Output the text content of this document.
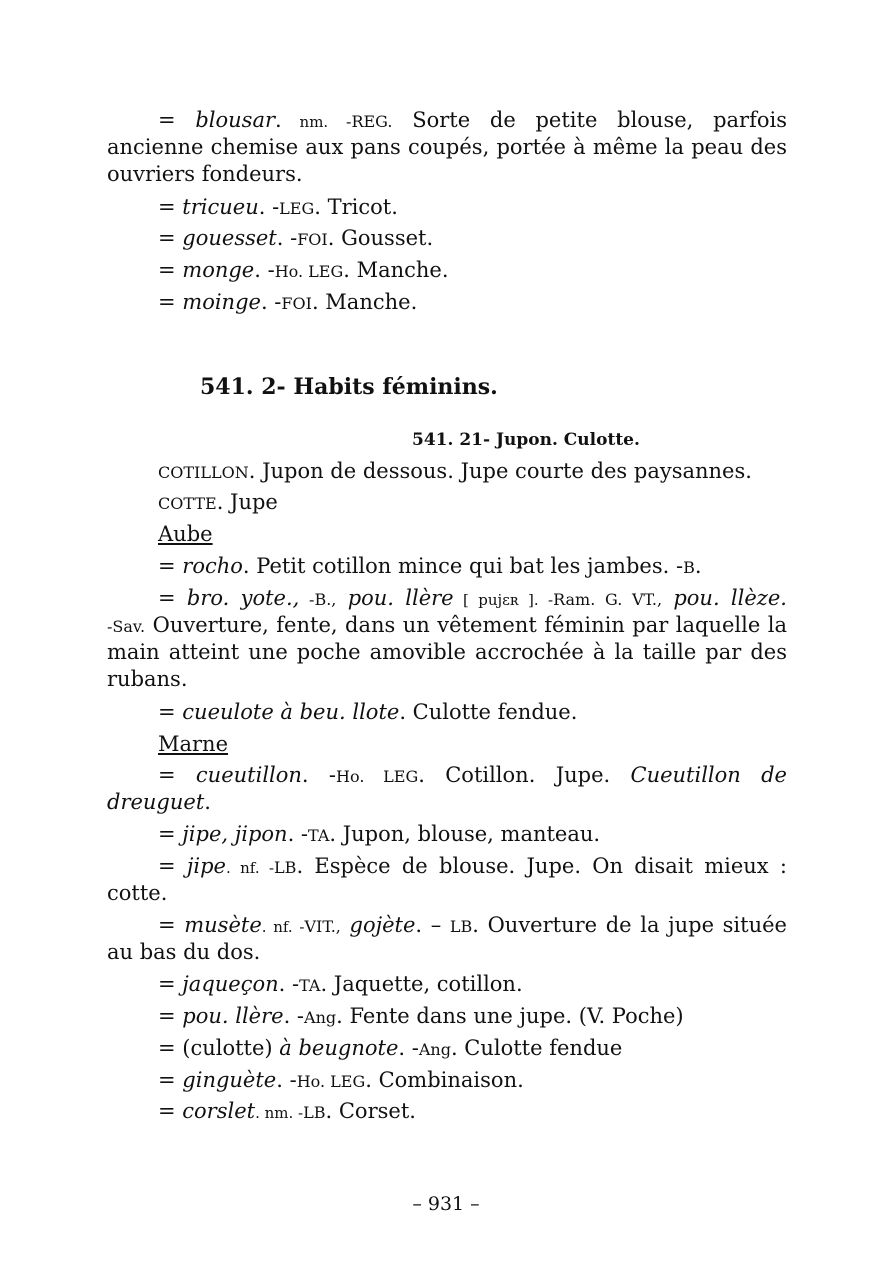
= blousar. nm. -REG. Sorte de petite blouse, parfois
ancienne chemise aux pans coupés, portée à même la peau des
ouvriers fondeurs.
= tricueu. -LEG. Tricot.
= gouesset. -FOI. Gousset.
= monge. -Ho. LEG. Manche.
= moinge. -FOI. Manche.
541. 2- Habits féminins.
541. 21- Jupon. Culotte.
COTILLON. Jupon de dessous. Jupe courte des paysannes.
COTTE. Jupe
Aube
= rocho. Petit cotillon mince qui bat les jambes. -B.
= bro. yote., -B., pou. llère [ pujɛʀ ]. -Ram. G. VT., pou. llèze.
-Sav. Ouverture, fente, dans un vêtement féminin par laquelle la
main atteint une poche amovible accrochée à la taille par des
rubans.
= cueulote à beu. llote. Culotte fendue.
Marne
= cueutillon. -Ho. LEG. Cotillon. Jupe. Cueutillon de
dreuguet.
= jipe, jipon. -TA. Jupon, blouse, manteau.
= jipe. nf. -LB. Espèce de blouse. Jupe. On disait mieux :
cotte.
= musète. nf. -VIT., gojète. – LB. Ouverture de la jupe située
au bas du dos.
= jaqueçon. -TA. Jaquette, cotillon.
= pou. llère. -Ang. Fente dans une jupe. (V. Poche)
= (culotte) à beugnote. -Ang. Culotte fendue
= ginguète. -Ho. LEG. Combinaison.
= corslet. nm. -LB. Corset.
– 931 –
